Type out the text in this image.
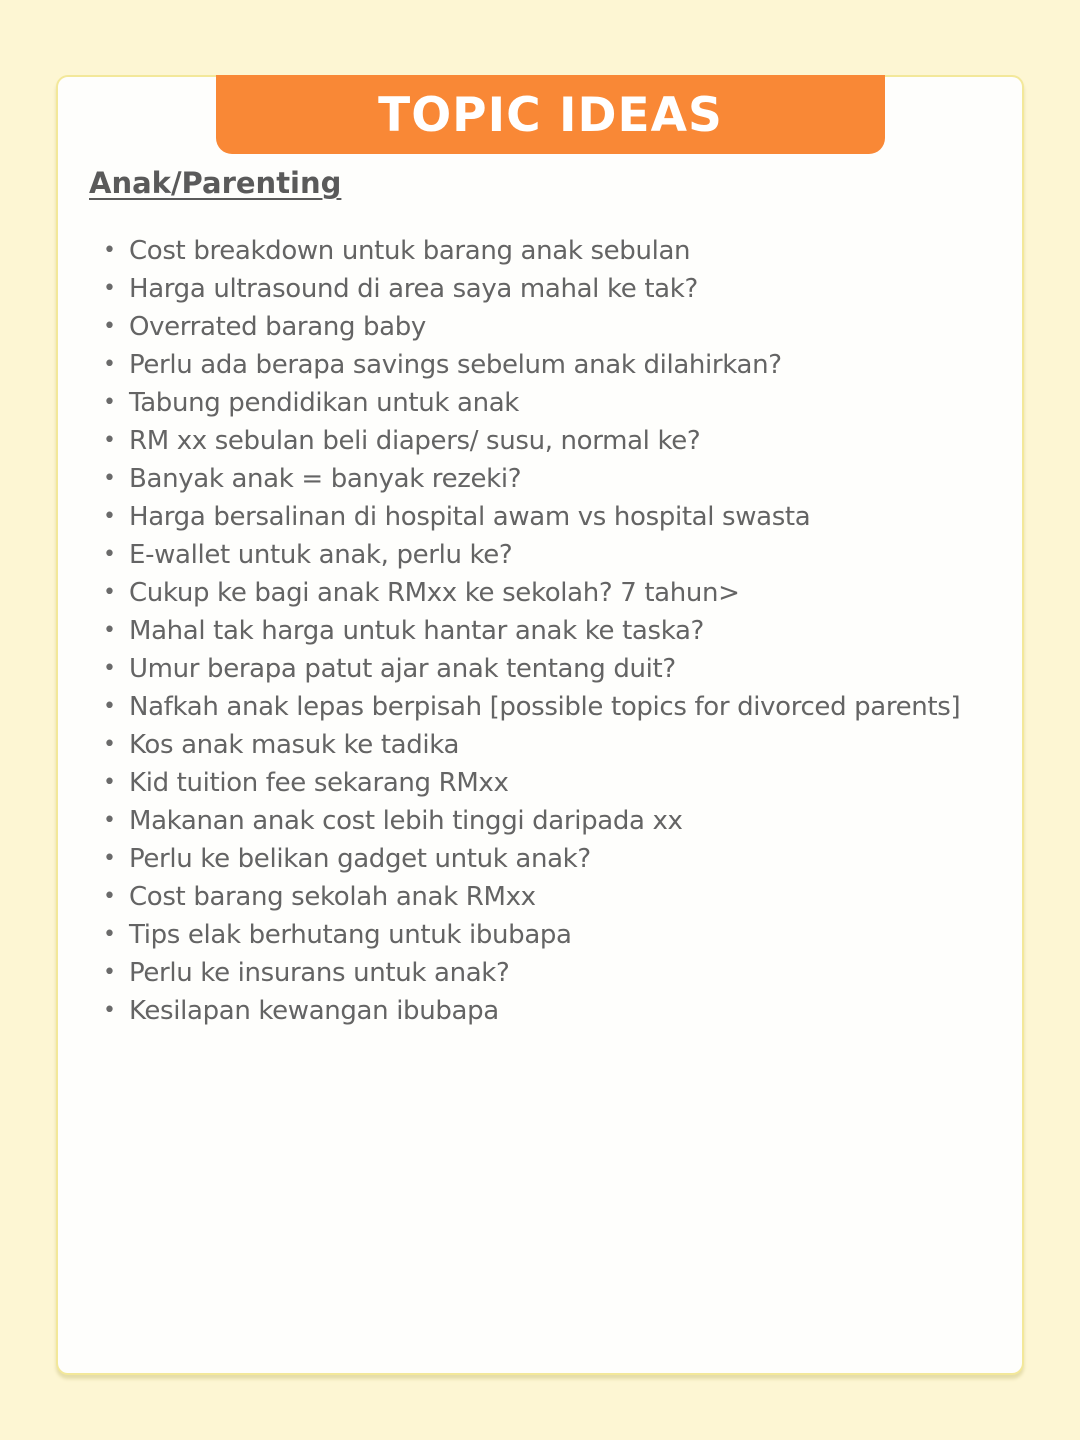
TOPIC IDEAS
Anak/Parenting
• Cost breakdown untuk barang anak sebulan
• Harga ultrasound di area saya mahal ke tak?
• Overrated barang baby
• Perlu ada berapa savings sebelum anak dilahirkan?
• Tabung pendidikan untuk anak
• RM xx sebulan beli diapers/ susu, normal ke?
• Banyak anak = banyak rezeki?
• Harga bersalinan di hospital awam vs hospital swasta
• E-wallet untuk anak, perlu ke?
• Cukup ke bagi anak RMxx ke sekolah? 7 tahun>
• Mahal tak harga untuk hantar anak ke taska?
• Umur berapa patut ajar anak tentang duit?
• Nafkah anak lepas berpisah [possible topics for divorced parents]
• Kos anak masuk ke tadika
• Kid tuition fee sekarang RMxx
• Makanan anak cost lebih tinggi daripada xx
• Perlu ke belikan gadget untuk anak?
• Cost barang sekolah anak RMxx
• Tips elak berhutang untuk ibubapa
• Perlu ke insurans untuk anak?
• Kesilapan kewangan ibubapa
